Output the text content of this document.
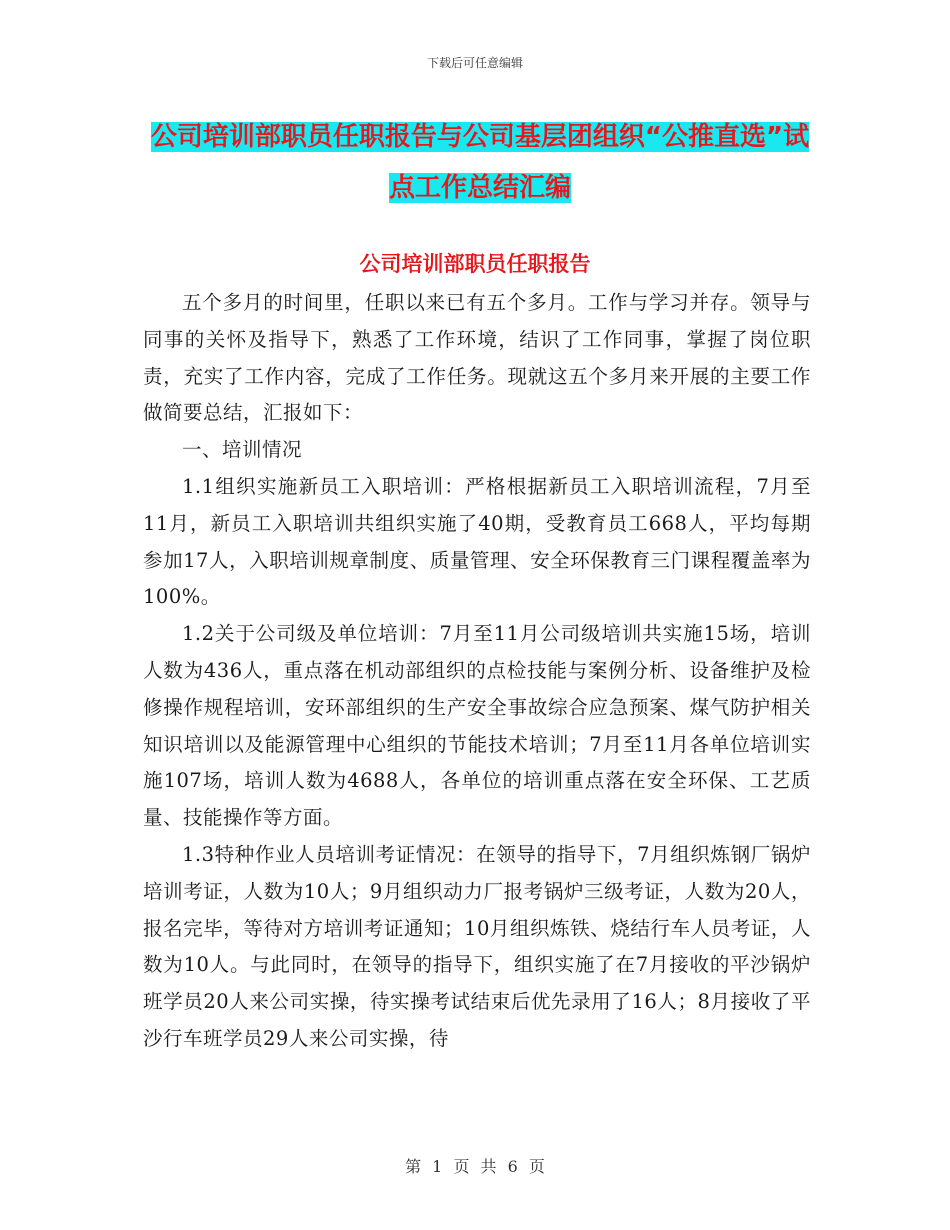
下载后可任意编辑
公司培训部职员任职报告与公司基层团组织“公推直选”试点工作总结汇编
公司培训部职员任职报告

五个多月的时间里，任职以来已有五个多月。工作与学习并存。领导与同事的关怀及指导下，熟悉了工作环境，结识了工作同事，掌握了岗位职责，充实了工作内容，完成了工作任务。现就这五个多月来开展的主要工作做简要总结，汇报如下：

一、培训情况

1.1组织实施新员工入职培训：严格根据新员工入职培训流程，7月至11月，新员工入职培训共组织实施了40期，受教育员工668人，平均每期参加17人，入职培训规章制度、质量管理、安全环保教育三门课程覆盖率为100%。

1.2关于公司级及单位培训：7月至11月公司级培训共实施15场，培训人数为436人，重点落在机动部组织的点检技能与案例分析、设备维护及检修操作规程培训，安环部组织的生产安全事故综合应急预案、煤气防护相关知识培训以及能源管理中心组织的节能技术培训；7月至11月各单位培训实施107场，培训人数为4688人，各单位的培训重点落在安全环保、工艺质量、技能操作等方面。

1.3特种作业人员培训考证情况：在领导的指导下，7月组织炼钢厂锅炉培训考证，人数为10人；9月组织动力厂报考锅炉三级考证，人数为20人，报名完毕，等待对方培训考证通知；10月组织炼铁、烧结行车人员考证，人数为10人。与此同时，在领导的指导下，组织实施了在7月接收的平沙锅炉班学员20人来公司实操，待实操考试结束后优先录用了16人；8月接收了平沙行车班学员29人来公司实操，待

第 1 页 共 6 页
